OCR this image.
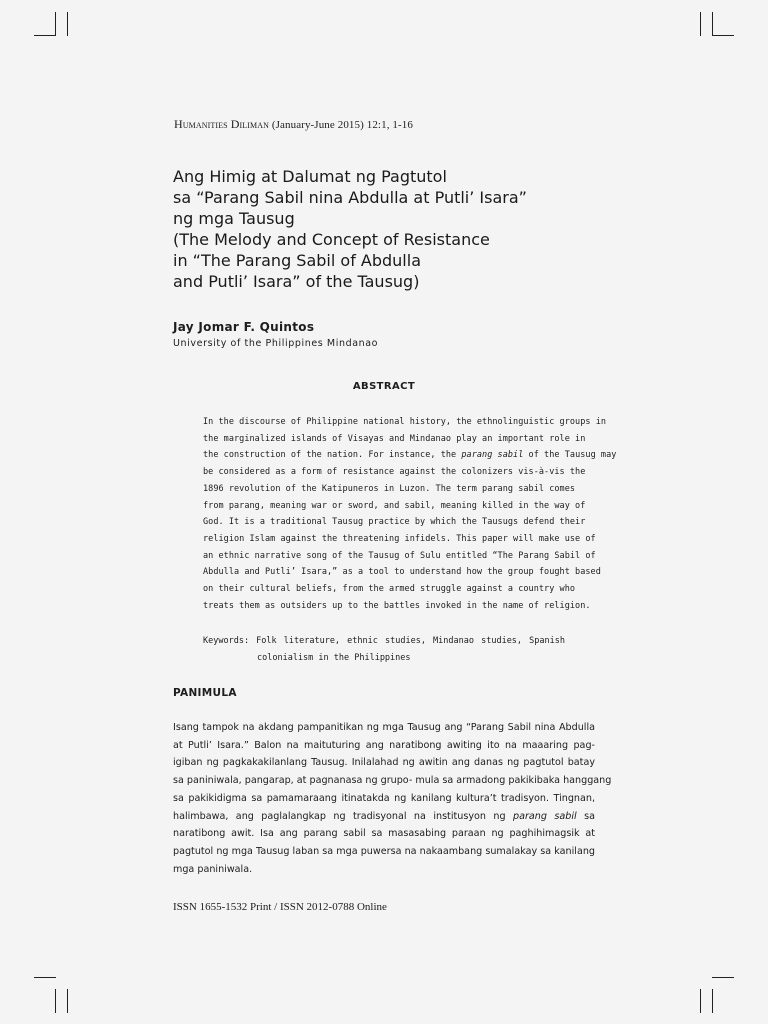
Humanities Diliman (January-June 2015) 12:1, 1-16
Ang Himig at Dalumat ng Pagtutol
sa “Parang Sabil nina Abdulla at Putli’ Isara”
ng mga Tausug
(The Melody and Concept of Resistance
in “The Parang Sabil of Abdulla
and Putli’ Isara” of the Tausug)
Jay Jomar F. Quintos
University of the Philippines Mindanao
ABSTRACT
In the discourse of Philippine national history, the ethnolinguistic groups in
the marginalized islands of Visayas and Mindanao play an important role in
the construction of the nation. For instance, the parang sabil of the Tausug may
be considered as a form of resistance against the colonizers vis-à-vis the
1896 revolution of the Katipuneros in Luzon. The term parang sabil comes
from parang, meaning war or sword, and sabil, meaning killed in the way of
God. It is a traditional Tausug practice by which the Tausugs defend their
religion Islam against the threatening infidels. This paper will make use of
an ethnic narrative song of the Tausug of Sulu entitled “The Parang Sabil of
Abdulla and Putli’ Isara,” as a tool to understand how the group fought based
on their cultural beliefs, from the armed struggle against a country who
treats them as outsiders up to the battles invoked in the name of religion.
Keywords: Folk literature, ethnic studies, Mindanao studies, Spanish
colonialism in the Philippines
PANIMULA
Isang tampok na akdang pampanitikan ng mga Tausug ang “Parang Sabil nina Abdulla
at Putli’ Isara.” Balon na maituturing ang naratibong awiting ito na maaaring pag-
igiban ng pagkakakilanlang Tausug. Inilalahad ng awitin ang danas ng pagtutol batay
sa paniniwala, pangarap, at pagnanasa ng grupo- mula sa armadong pakikibaka hanggang
sa pakikidigma sa pamamaraang itinatakda ng kanilang kultura’t tradisyon. Tingnan,
halimbawa, ang paglalangkap ng tradisyonal na institusyon ng parang sabil sa
naratibong awit. Isa ang parang sabil sa masasabing paraan ng paghihimagsik at
pagtutol ng mga Tausug laban sa mga puwersa na nakaambang sumalakay sa kanilang
mga paniniwala.
ISSN 1655-1532 Print / ISSN 2012-0788 Online
